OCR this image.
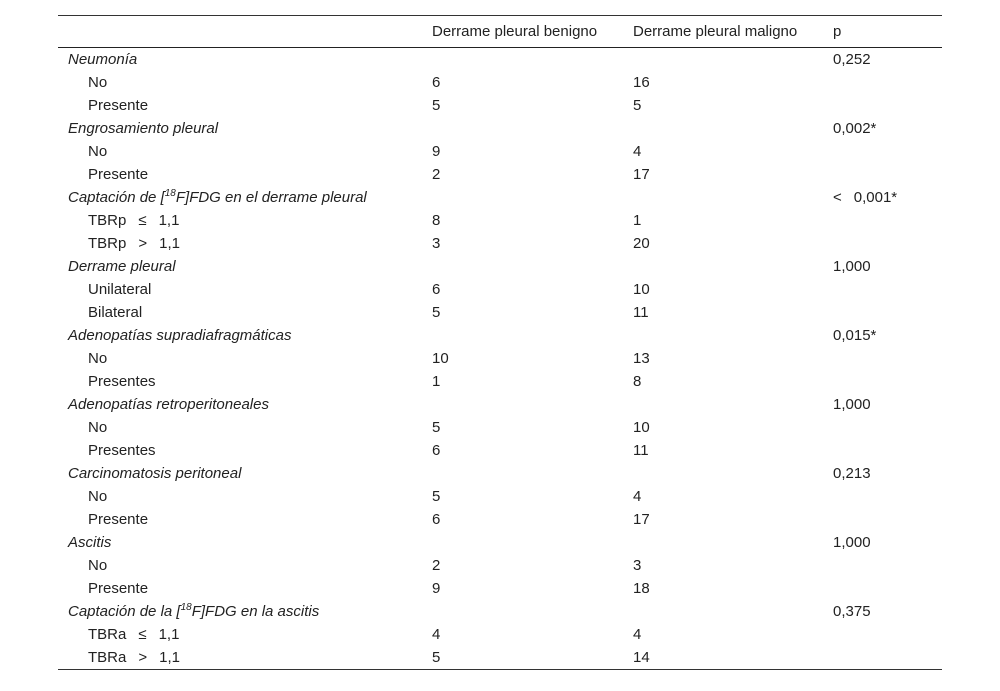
	Derrame pleural benigno	Derrame pleural maligno	p
Neumonía			0,252
No	6	16	
Presente	5	5	
Engrosamiento pleural			0,002*
No	9	4	
Presente	2	17	
Captación de [$^{18}$F]FDG en el derrame pleural			< 0,001*
TBRp ≤ 1,1	8	1	
TBRp > 1,1	3	20	
Derrame pleural			1,000
Unilateral	6	10	
Bilateral	5	11	
Adenopatías supradiafragmáticas			0,015*
No	10	13	
Presentes	1	8	
Adenopatías retroperitoneales			1,000
No	5	10	
Presentes	6	11	
Carcinomatosis peritoneal			0,213
No	5	4	
Presente	6	17	
Ascitis			1,000
No	2	3	
Presente	9	18	
Captación de la [$^{18}$F]FDG en la ascitis			0,375
TBRa ≤ 1,1	4	4	
TBRa > 1,1	5	14	
